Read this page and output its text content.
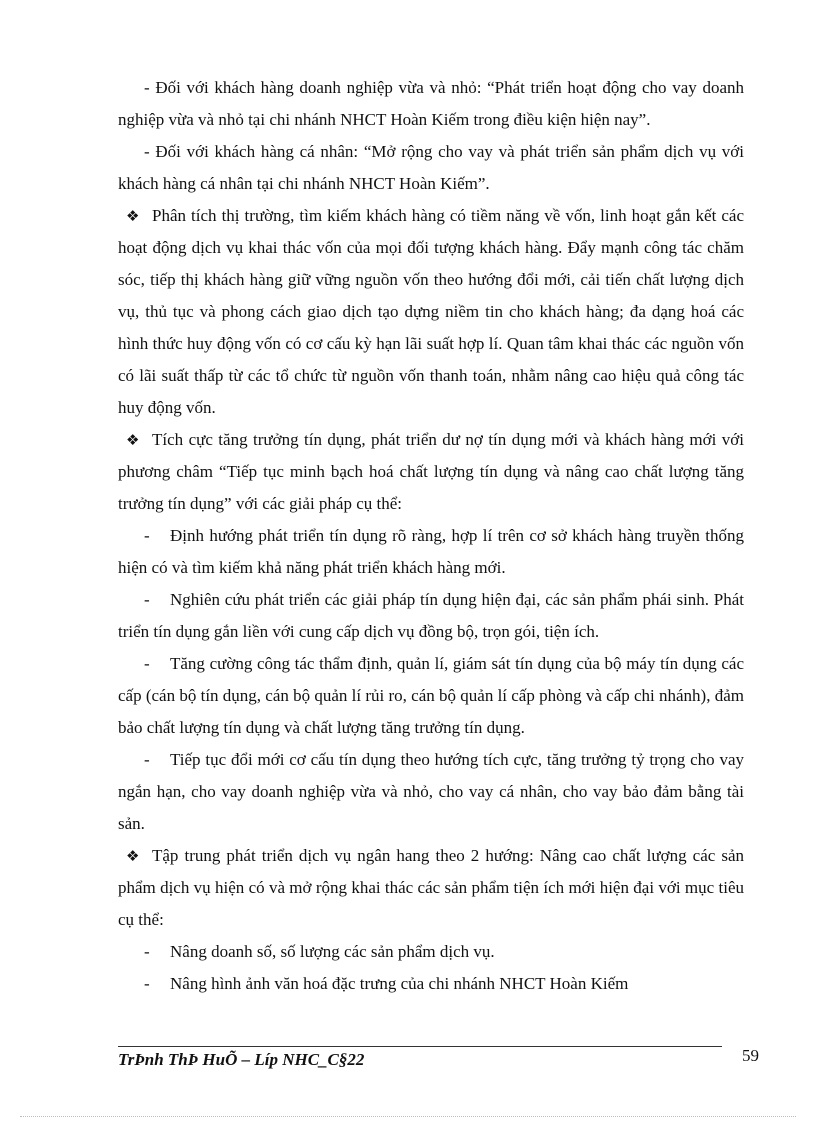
- Đối với khách hàng doanh nghiệp vừa và nhỏ: “Phát triển hoạt động cho vay doanh nghiệp vừa và nhỏ tại chi nhánh NHCT Hoàn Kiếm trong điều kiện hiện nay”.

- Đối với khách hàng cá nhân: “Mở rộng cho vay và phát triển sản phẩm dịch vụ với khách hàng cá nhân tại chi nhánh NHCT Hoàn Kiếm”.

❖ Phân tích thị trường, tìm kiếm khách hàng có tiềm năng về vốn, linh hoạt gắn kết các hoạt động dịch vụ khai thác vốn của mọi đối tượng khách hàng. Đẩy mạnh công tác chăm sóc, tiếp thị khách hàng giữ vững nguồn vốn theo hướng đổi mới, cải tiến chất lượng dịch vụ, thủ tục và phong cách giao dịch tạo dựng niềm tin cho khách hàng; đa dạng hoá các hình thức huy động vốn có cơ cấu kỳ hạn lãi suất hợp lí. Quan tâm khai thác các nguồn vốn có lãi suất thấp từ các tổ chức từ nguồn vốn thanh toán, nhằm nâng cao hiệu quả công tác huy động vốn.

❖ Tích cực tăng trưởng tín dụng, phát triển dư nợ tín dụng mới và khách hàng mới với phương châm “Tiếp tục minh bạch hoá chất lượng tín dụng và nâng cao chất lượng tăng trưởng tín dụng” với các giải pháp cụ thể:

- Định hướng phát triển tín dụng rõ ràng, hợp lí trên cơ sở khách hàng truyền thống hiện có và tìm kiếm khả năng phát triển khách hàng mới.

- Nghiên cứu phát triển các giải pháp tín dụng hiện đại, các sản phẩm phái sinh. Phát triển tín dụng gắn liền với cung cấp dịch vụ đồng bộ, trọn gói, tiện ích.

- Tăng cường công tác thẩm định, quản lí, giám sát tín dụng của bộ máy tín dụng các cấp (cán bộ tín dụng, cán bộ quản lí rủi ro, cán bộ quản lí cấp phòng và cấp chi nhánh), đảm bảo chất lượng tín dụng và chất lượng tăng trưởng tín dụng.

- Tiếp tục đổi mới cơ cấu tín dụng theo hướng tích cực, tăng trưởng tỷ trọng cho vay ngắn hạn, cho vay doanh nghiệp vừa và nhỏ, cho vay cá nhân, cho vay bảo đảm bằng tài sản.

❖ Tập trung phát triển dịch vụ ngân hang theo 2 hướng: Nâng cao chất lượng các sản phẩm dịch vụ hiện có và mở rộng khai thác các sản phẩm tiện ích mới hiện đại với mục tiêu cụ thể:

- Nâng doanh số, số lượng các sản phẩm dịch vụ.

- Nâng hình ảnh văn hoá đặc trưng của chi nhánh NHCT Hoàn Kiếm

TrÞnh ThÞ HuÕ – Líp NHC_C§22	59
